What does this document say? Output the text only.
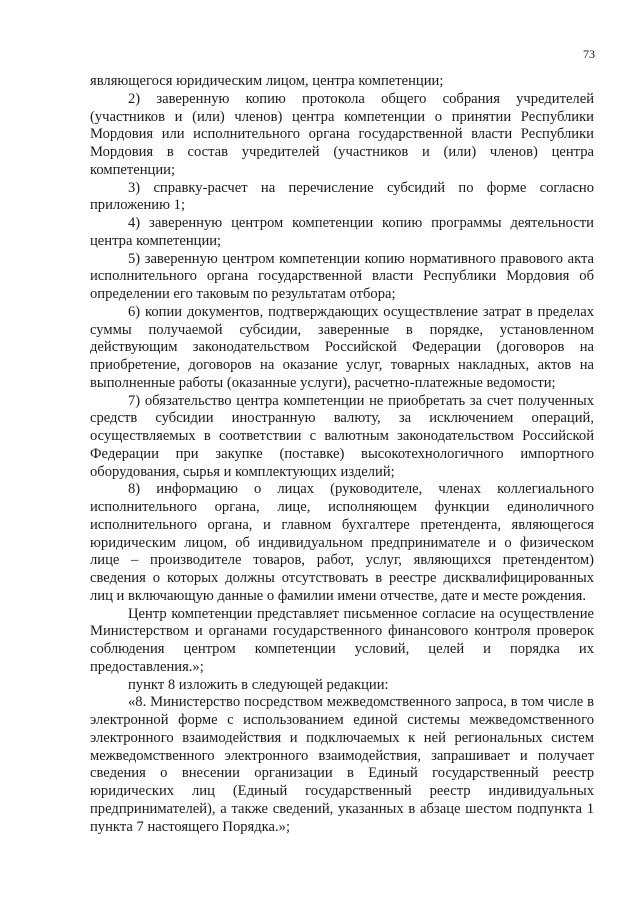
73

являющегося юридическим лицом, центра компетенции;

2) заверенную копию протокола общего собрания учредителей (участников и (или) членов) центра компетенции о принятии Республики Мордовия или исполнительного органа государственной власти Республики Мордовия в состав учредителей (участников и (или) членов) центра компетенции;

3) справку-расчет на перечисление субсидий по форме согласно приложению 1;

4) заверенную центром компетенции копию программы деятельности центра компетенции;

5) заверенную центром компетенции копию нормативного правового акта исполнительного органа государственной власти Республики Мордовия об определении его таковым по результатам отбора;

6) копии документов, подтверждающих осуществление затрат в пределах суммы получаемой субсидии, заверенные в порядке, установленном действующим законодательством Российской Федерации (договоров на приобретение, договоров на оказание услуг, товарных накладных, актов на выполненные работы (оказанные услуги), расчетно-платежные ведомости;

7) обязательство центра компетенции не приобретать за счет полученных средств субсидии иностранную валюту, за исключением операций, осуществляемых в соответствии с валютным законодательством Российской Федерации при закупке (поставке) высокотехнологичного импортного оборудования, сырья и комплектующих изделий;

8) информацию о лицах (руководителе, членах коллегиального исполнительного органа, лице, исполняющем функции единоличного исполнительного органа, и главном бухгалтере претендента, являющегося юридическим лицом, об индивидуальном предпринимателе и о физическом лице – производителе товаров, работ, услуг, являющихся претендентом) сведения о которых должны отсутствовать в реестре дисквалифицированных лиц и включающую данные о фамилии имени отчестве, дате и месте рождения.

Центр компетенции представляет письменное согласие на осуществление Министерством и органами государственного финансового контроля проверок соблюдения центром компетенции условий, целей и порядка их предоставления.»;

пункт 8 изложить в следующей редакции:

«8. Министерство посредством межведомственного запроса, в том числе в электронной форме с использованием единой системы межведомственного электронного взаимодействия и подключаемых к ней региональных систем межведомственного электронного взаимодействия, запрашивает и получает сведения о внесении организации в Единый государственный реестр юридических лиц (Единый государственный реестр индивидуальных предпринимателей), а также сведений, указанных в абзаце шестом подпункта 1 пункта 7 настоящего Порядка.»;
